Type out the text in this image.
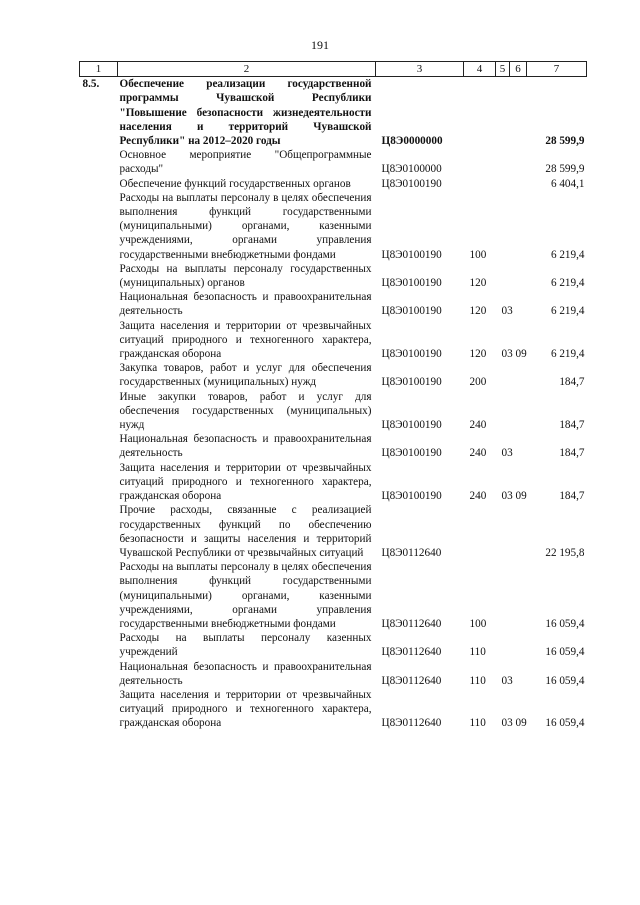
191
1	2	3	4	5	6	7
8.5.	Обеспечение реализации государственной программы Чувашской Республики "Повышение безопасности жизнедеятельности населения и территорий Чувашской Республики" на 2012–2020 годы	Ц8Э0000000				28 599,9
	Основное мероприятие "Общепрограммные расходы"	Ц8Э0100000				28 599,9
	Обеспечение функций государственных органов	Ц8Э0100190				6 404,1
	Расходы на выплаты персоналу в целях обеспечения выполнения функций государственными (муниципальными) органами, казенными учреждениями, органами управления государственными внебюджетными фондами	Ц8Э0100190	100			6 219,4
	Расходы на выплаты персоналу государственных (муниципальных) органов	Ц8Э0100190	120			6 219,4
	Национальная безопасность и правоохранительная деятельность	Ц8Э0100190	120	03		6 219,4
	Защита населения и территории от чрезвычайных ситуаций природного и техногенного характера, гражданская оборона	Ц8Э0100190	120	03 09		6 219,4
	Закупка товаров, работ и услуг для обеспечения государственных (муниципальных) нужд	Ц8Э0100190	200			184,7
	Иные закупки товаров, работ и услуг для обеспечения государственных (муниципальных) нужд	Ц8Э0100190	240			184,7
	Национальная безопасность и правоохранительная деятельность	Ц8Э0100190	240	03		184,7
	Защита населения и территории от чрезвычайных ситуаций природного и техногенного характера, гражданская оборона	Ц8Э0100190	240	03 09		184,7
	Прочие расходы, связанные с реализацией государственных функций по обеспечению безопасности и защиты населения и территорий Чувашской Республики от чрезвычайных ситуаций	Ц8Э0112640				22 195,8
	Расходы на выплаты персоналу в целях обеспечения выполнения функций государственными (муниципальными) органами, казенными учреждениями, органами управления государственными внебюджетными фондами	Ц8Э0112640	100			16 059,4
	Расходы на выплаты персоналу казенных учреждений	Ц8Э0112640	110			16 059,4
	Национальная безопасность и правоохранительная деятельность	Ц8Э0112640	110	03		16 059,4
	Защита населения и территории от чрезвычайных ситуаций природного и техногенного характера, гражданская оборона	Ц8Э0112640	110	03 09		16 059,4
